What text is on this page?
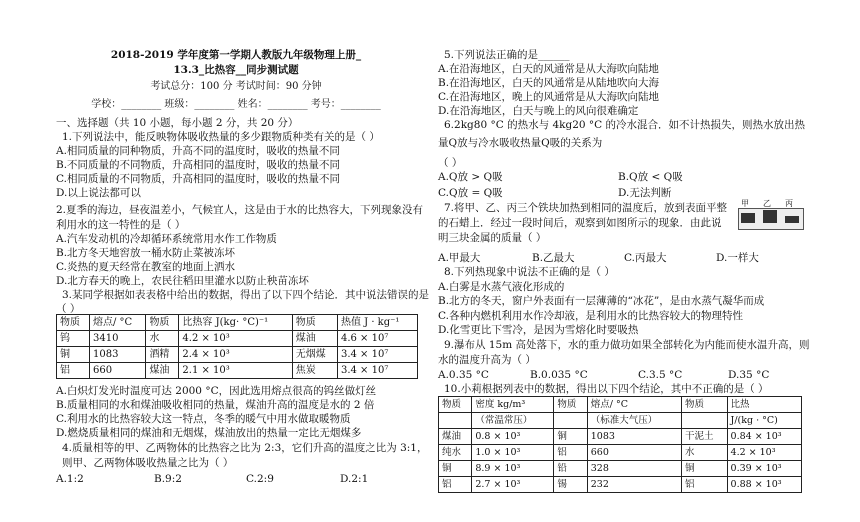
2018-2019 学年度第一学期人教版九年级物理上册_
13.3_比热容__同步测试题
考试总分：100 分 考试时间：90 分钟
学校：________ 班级：________ 姓名：________ 考号：________
一、选择题（共 10 小题，每小题 2 分，共 20 分）
1.下列说法中，能反映物体吸收热量的多少跟物质种类有关的是（ ）
A.相同质量的同种物质，升高不同的温度时，吸收的热量不同
B.不同质量的不同物质，升高相同的温度时，吸收的热量不同
C.相同质量的不同物质，升高相同的温度时，吸收的热量不同
D.以上说法都可以
2.夏季的海边，昼夜温差小，气候宜人，这是由于水的比热容大，下列现象没有
利用水的这一特性的是（ ）
A.汽车发动机的冷却循环系统常用水作工作物质
B.北方冬天地窖放一桶水防止菜被冻坏
C.炎热的夏天经常在教室的地面上洒水
D.北方春天的晚上，农民往稻田里灌水以防止秧苗冻坏
3.某同学根据如表表格中给出的数据，得出了以下四个结论．其中说法错误的是
（ ）
物质	熔点/ °C	物质	比热容 J(kg· °C)⁻¹	物质	热值 J · kg⁻¹
钨	3410	水	4.2 × 10³	煤油	4.6 × 10⁷
铜	1083	酒精	2.4 × 10³	无烟煤	3.4 × 10⁷
铝	660	煤油	2.1 × 10³	焦炭	3.4 × 10⁷
A.白炽灯发光时温度可达 2000 °C，因此选用熔点很高的钨丝做灯丝
B.质量相同的水和煤油吸收相同的热量，煤油升高的温度是水的 2 倍
C.利用水的比热容较大这一特点，冬季的暖气中用水做取暖物质
D.燃烧质量相同的煤油和无烟煤，煤油放出的热量一定比无烟煤多
4.质量相等的甲、乙两物体的比热容之比为 2:3，它们升高的温度之比为 3:1，
则甲、乙两物体吸收热量之比为（ ）
A.1:2	B.9:2	C.2:9	D.2:1
5.下列说法正确的是______
A.在沿海地区，白天的风通常是从大海吹向陆地
B.在沿海地区，白天的风通常是从陆地吹向大海
C.在沿海地区，晚上的风通常是从大海吹向陆地
D.在沿海地区，白天与晚上的风向很难确定
6.2kg80 °C 的热水与 4kg20 °C 的冷水混合．如不计热损失，则热水放出热
量Q放与冷水吸收热量Q吸的关系为
（ ）
A.Q放 > Q吸	B.Q放 < Q吸
C.Q放 = Q吸	D.无法判断
7.将甲、乙、丙三个铁块加热到相同的温度后，放到表面平整
的石蜡上．经过一段时间后，观察到如图所示的现象．由此说
明三块金属的质量（ ）
甲 乙 丙
A.甲最大	B.乙最大	C.丙最大	D.一样大
8.下列热现象中说法不正确的是（ ）
A.白雾是水蒸气液化形成的
B.北方的冬天，窗户外表面有一层薄薄的“冰花”，是由水蒸气凝华而成
C.各种内燃机利用水作冷却液，是利用水的比热容较大的物理特性
D.化雪更比下雪冷，是因为雪熔化时要吸热
9.瀑布从 15m 高处落下，水的重力做功如果全部转化为内能而使水温升高，则
水的温度升高为（ ）
A.0.35 °C	B.0.035 °C	C.3.5 °C	D.35 °C
10.小莉根据列表中的数据，得出以下四个结论，其中不正确的是（ ）
物质	密度 kg/m³	物质	熔点/ °C	物质	比热
	（常温常压）		（标准大气压）		J/(kg · °C)
煤油	0.8 × 10³	铜	1083	干泥土	0.84 × 10³
纯水	1.0 × 10³	铝	660	水	4.2 × 10³
铜	8.9 × 10³	铅	328	铜	0.39 × 10³
铝	2.7 × 10³	锡	232	铝	0.88 × 10³
